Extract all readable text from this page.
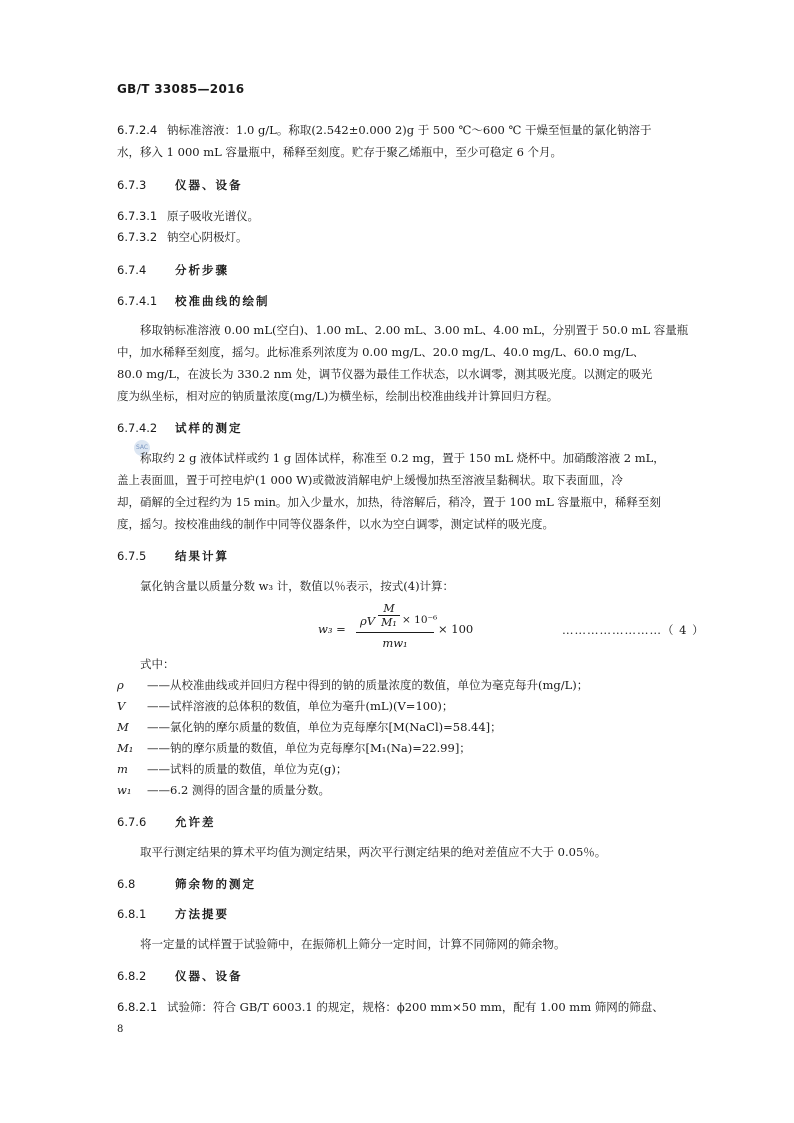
GB/T 33085—2016
6.7.2.4 钠标准溶液：1.0 g/L。称取(2.542±0.000 2)g 于 500 ℃～600 ℃ 干燥至恒量的氯化钠溶于
水，移入 1 000 mL 容量瓶中，稀释至刻度。贮存于聚乙烯瓶中，至少可稳定 6 个月。
6.7.3 仪器、设备
6.7.3.1 原子吸收光谱仪。
6.7.3.2 钠空心阴极灯。
6.7.4 分析步骤
6.7.4.1 校准曲线的绘制
　　移取钠标准溶液 0.00 mL(空白)、1.00 mL、2.00 mL、3.00 mL、4.00 mL，分别置于 50.0 mL 容量瓶
中，加水稀释至刻度，摇匀。此标准系列浓度为 0.00 mg/L、20.0 mg/L、40.0 mg/L、60.0 mg/L、
80.0 mg/L，在波长为 330.2 nm 处，调节仪器为最佳工作状态，以水调零，测其吸光度。以测定的吸光
度为纵坐标，相对应的钠质量浓度(mg/L)为横坐标，绘制出校准曲线并计算回归方程。
6.7.4.2 试样的测定
SAC
　　称取约 2 g 液体试样或约 1 g 固体试样，称准至 0.2 mg，置于 150 mL 烧杯中。加硝酸溶液 2 mL，
盖上表面皿，置于可控电炉(1 000 W)或微波消解电炉上缓慢加热至溶液呈黏稠状。取下表面皿，冷
却，硝解的全过程约为 15 min。加入少量水，加热，待溶解后，稍冷，置于 100 mL 容量瓶中，稀释至刻
度，摇匀。按校准曲线的制作中同等仪器条件，以水为空白调零，测定试样的吸光度。
6.7.5 结果计算
　　氯化钠含量以质量分数 w₃ 计，数值以％表示，按式(4)计算：
w₃ =
ρV $\frac{M}{\text{M₁}} \times 10^{-6}$
mw₁
× 100	……………………（ 4 ）
　　式中：
ρ ——从校准曲线或并回归方程中得到的钠的质量浓度的数值，单位为毫克每升(mg/L)；
V ——试样溶液的总体积的数值，单位为毫升(mL)(V=100)；
M ——氯化钠的摩尔质量的数值，单位为克每摩尔[M(NaCl)=58.44]；
M₁ ——钠的摩尔质量的数值，单位为克每摩尔[M₁(Na)=22.99]；
m ——试料的质量的数值，单位为克(g)；
w₁ ——6.2 测得的固含量的质量分数。
6.7.6 允许差
　　取平行测定结果的算术平均值为测定结果，两次平行测定结果的绝对差值应不大于 0.05％。
6.8	筛余物的测定
6.8.1 方法提要
　　将一定量的试样置于试验筛中，在振筛机上筛分一定时间，计算不同筛网的筛余物。
6.8.2 仪器、设备
6.8.2.1 试验筛：符合 GB/T 6003.1 的规定，规格：ϕ200 mm×50 mm，配有 1.00 mm 筛网的筛盘、
8
